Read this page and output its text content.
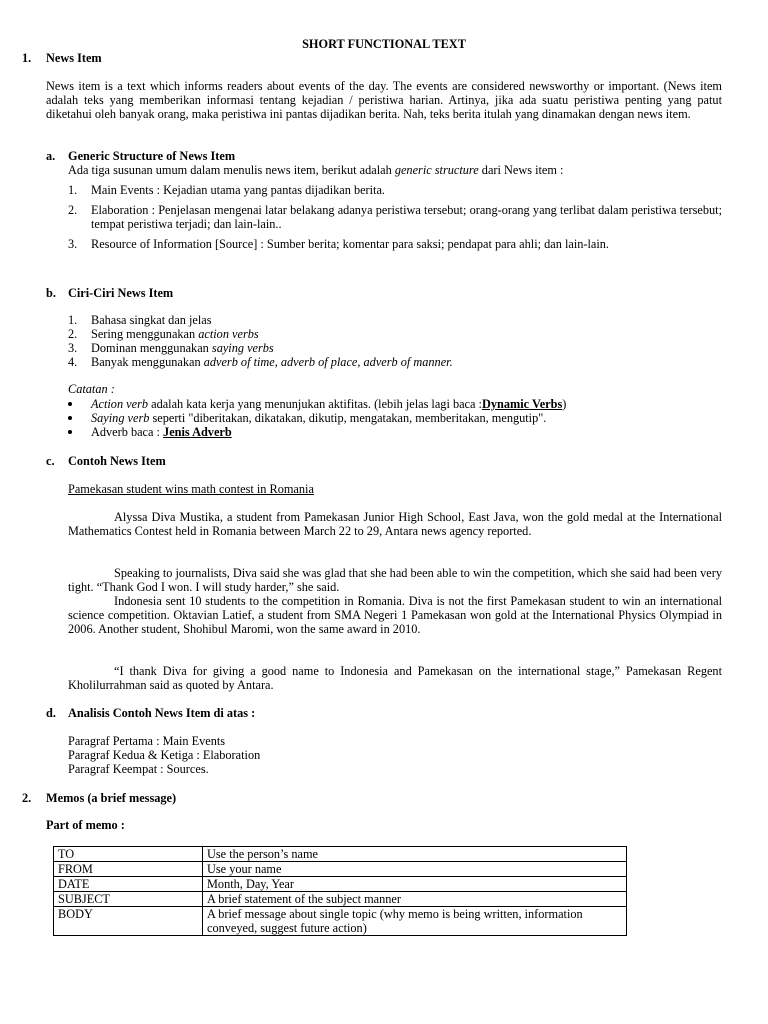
SHORT FUNCTIONAL TEXT
1. News Item
News item is a text which informs readers about events of the day. The events are considered newsworthy or important. (News item adalah teks yang memberikan informasi tentang kejadian / peristiwa harian. Artinya, jika ada suatu peristiwa penting yang patut diketahui oleh banyak orang, maka peristiwa ini pantas dijadikan berita. Nah, teks berita itulah yang dinamakan dengan news item.
a. Generic Structure of News Item
Ada tiga susunan umum dalam menulis news item, berikut adalah generic structure dari News item :
1. Main Events : Kejadian utama yang pantas dijadikan berita.
2. Elaboration : Penjelasan mengenai latar belakang adanya peristiwa tersebut; orang-orang yang terlibat dalam peristiwa tersebut; tempat peristiwa terjadi; dan lain-lain..
3. Resource of Information [Source] : Sumber berita; komentar para saksi; pendapat para ahli; dan lain-lain.
b. Ciri-Ciri News Item
1. Bahasa singkat dan jelas
2. Sering menggunakan action verbs
3. Dominan menggunakan saying verbs
4. Banyak menggunakan adverb of time, adverb of place, adverb of manner.
Catatan :
Action verb adalah kata kerja yang menunjukan aktifitas. (lebih jelas lagi baca :Dynamic Verbs)
Saying verb seperti "diberitakan, dikatakan, dikutip, mengatakan, memberitakan, mengutip".
Adverb baca : Jenis Adverb
c. Contoh News Item
Pamekasan student wins math contest in Romania
Alyssa Diva Mustika, a student from Pamekasan Junior High School, East Java, won the gold medal at the International Mathematics Contest held in Romania between March 22 to 29, Antara news agency reported.
Speaking to journalists, Diva said she was glad that she had been able to win the competition, which she said had been very tight. “Thank God I won. I will study harder,” she said.
Indonesia sent 10 students to the competition in Romania. Diva is not the first Pamekasan student to win an international science competition. Oktavian Latief, a student from SMA Negeri 1 Pamekasan won gold at the International Physics Olympiad in 2006. Another student, Shohibul Maromi, won the same award in 2010.
“I thank Diva for giving a good name to Indonesia and Pamekasan on the international stage,” Pamekasan Regent Kholilurrahman said as quoted by Antara.
d. Analisis Contoh News Item di atas :
Paragraf Pertama : Main Events
Paragraf Kedua & Ketiga : Elaboration
Paragraf Keempat : Sources.
2. Memos (a brief message)
Part of memo :
TO	Use the person’s name
FROM	Use your name
DATE	Month, Day, Year
SUBJECT	A brief statement of the subject manner
BODY	A brief message about single topic (why memo is being written, information conveyed, suggest future action)
